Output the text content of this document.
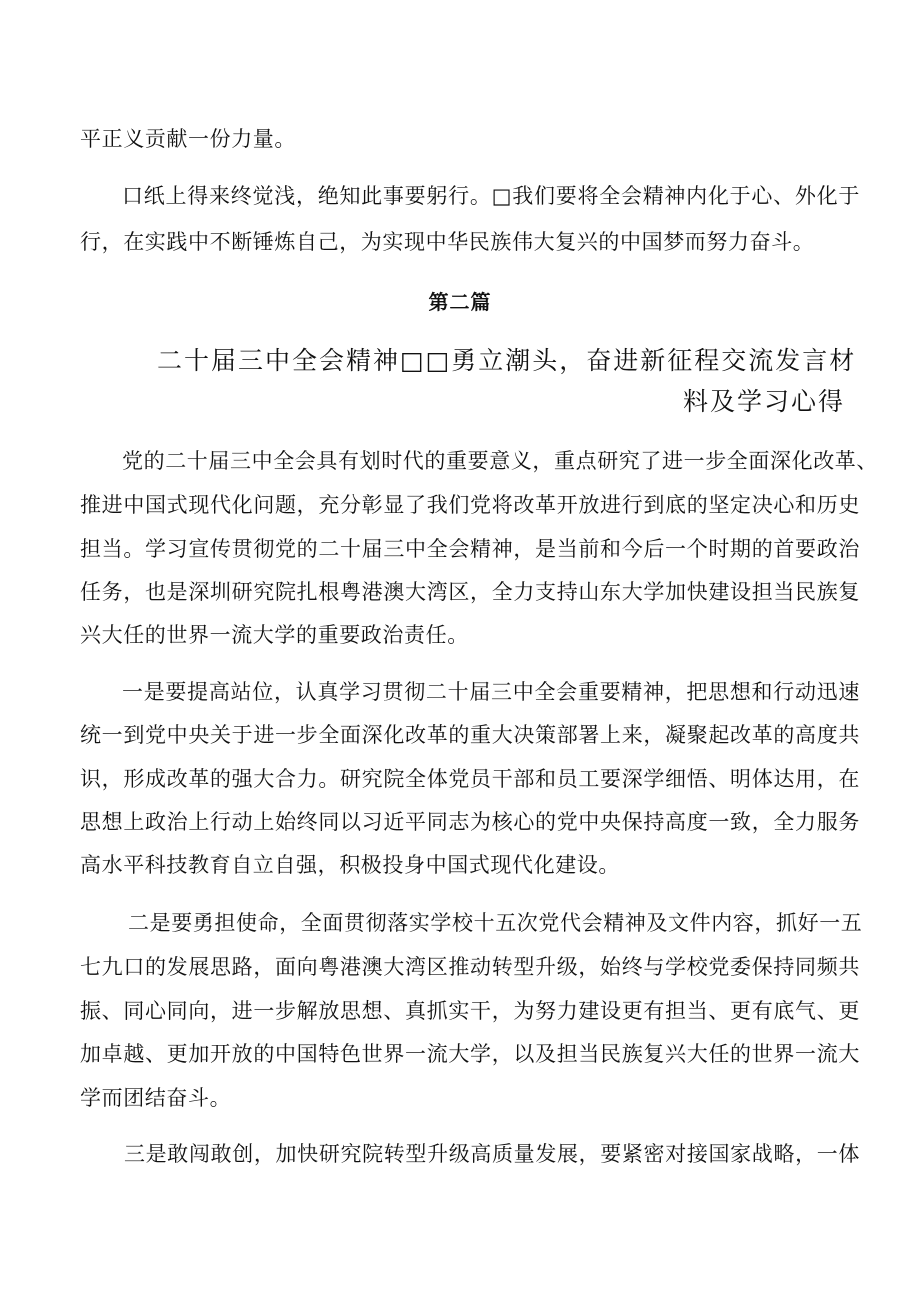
平正义贡献一份力量。
口纸上得来终觉浅，绝知此事要躬行。□我们要将全会精神内化于心、外化于
行，在实践中不断锤炼自己，为实现中华民族伟大复兴的中国梦而努力奋斗。
第二篇
二十届三中全会精神□□勇立潮头，奋进新征程交流发言材
料及学习心得
党的二十届三中全会具有划时代的重要意义，重点研究了进一步全面深化改革、
推进中国式现代化问题，充分彰显了我们党将改革开放进行到底的坚定决心和历史
担当。学习宣传贯彻党的二十届三中全会精神，是当前和今后一个时期的首要政治
任务，也是深圳研究院扎根粤港澳大湾区，全力支持山东大学加快建设担当民族复
兴大任的世界一流大学的重要政治责任。
一是要提高站位，认真学习贯彻二十届三中全会重要精神，把思想和行动迅速
统一到党中央关于进一步全面深化改革的重大决策部署上来，凝聚起改革的高度共
识，形成改革的强大合力。研究院全体党员干部和员工要深学细悟、明体达用，在
思想上政治上行动上始终同以习近平同志为核心的党中央保持高度一致，全力服务
高水平科技教育自立自强，积极投身中国式现代化建设。
二是要勇担使命，全面贯彻落实学校十五次党代会精神及文件内容，抓好一五
七九口的发展思路，面向粤港澳大湾区推动转型升级，始终与学校党委保持同频共
振、同心同向，进一步解放思想、真抓实干，为努力建设更有担当、更有底气、更
加卓越、更加开放的中国特色世界一流大学，以及担当民族复兴大任的世界一流大
学而团结奋斗。
三是敢闯敢创，加快研究院转型升级高质量发展，要紧密对接国家战略，一体
